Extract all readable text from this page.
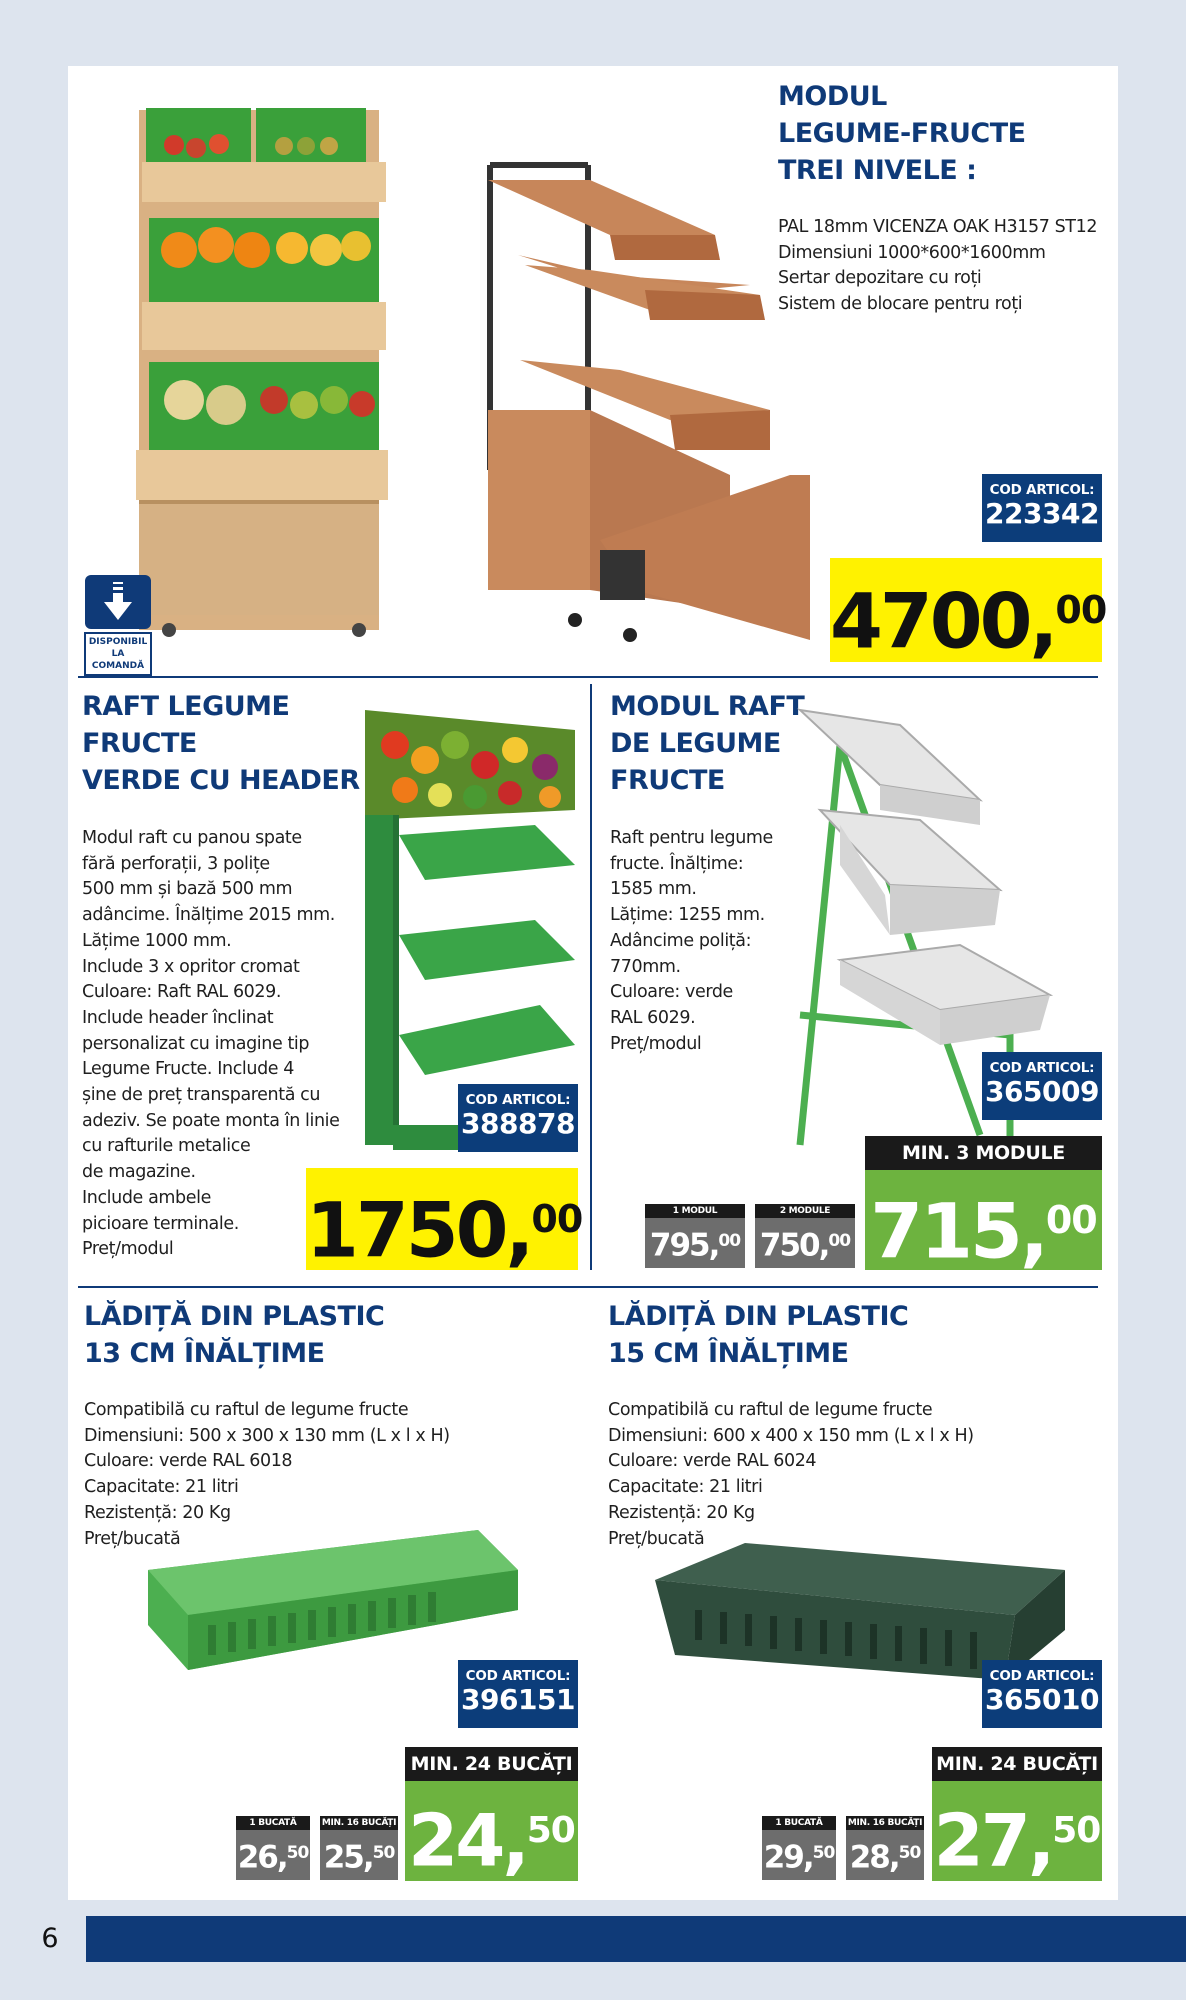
DISPONIBIL
LA COMANDĂ
MODUL
LEGUME-FRUCTE
TREI NIVELE :
PAL 18mm VICENZA OAK H3157 ST12
Dimensiuni 1000*600*1600mm
Sertar depozitare cu roți
Sistem de blocare pentru roți
COD ARTICOL:
223342
4700,00
RAFT LEGUME
FRUCTE
VERDE CU HEADER
Modul raft cu panou spate
fără perforații, 3 polițe
500 mm și bază 500 mm
adâncime. Înălțime 2015 mm.
Lățime 1000 mm.
Include 3 x opritor cromat
Culoare: Raft RAL 6029.
Include header înclinat
personalizat cu imagine tip
Legume Fructe. Include 4
șine de preț transparentă cu
adeziv. Se poate monta în linie
cu rafturile metalice
de magazine.
Include ambele
picioare terminale.
Preț/modul
COD ARTICOL:
388878
1750,00
MODUL RAFT
DE LEGUME
FRUCTE
Raft pentru legume
fructe. Înălțime:
1585 mm.
Lățime: 1255 mm.
Adâncime poliță:
770mm.
Culoare: verde
RAL 6029.
Preț/modul
COD ARTICOL:
365009
MIN. 3 MODULE
715,00
1 MODUL
795,00
2 MODULE
750,00
LĂDIȚĂ DIN PLASTIC
13 CM ÎNĂLȚIME
Compatibilă cu raftul de legume fructe
Dimensiuni: 500 x 300 x 130 mm (L x l x H)
Culoare: verde RAL 6018
Capacitate: 21 litri
Rezistență: 20 Kg
Preț/bucată
COD ARTICOL:
396151
MIN. 24 BUCĂȚI
24,50
1 BUCATĂ
26,50
MIN. 16 BUCĂȚI
25,50
LĂDIȚĂ DIN PLASTIC
15 CM ÎNĂLȚIME
Compatibilă cu raftul de legume fructe
Dimensiuni: 600 x 400 x 150 mm (L x l x H)
Culoare: verde RAL 6024
Capacitate: 21 litri
Rezistență: 20 Kg
Preț/bucată
COD ARTICOL:
365010
MIN. 24 BUCĂȚI
27,50
1 BUCATĂ
29,50
MIN. 16 BUCĂȚI
28,50
6
